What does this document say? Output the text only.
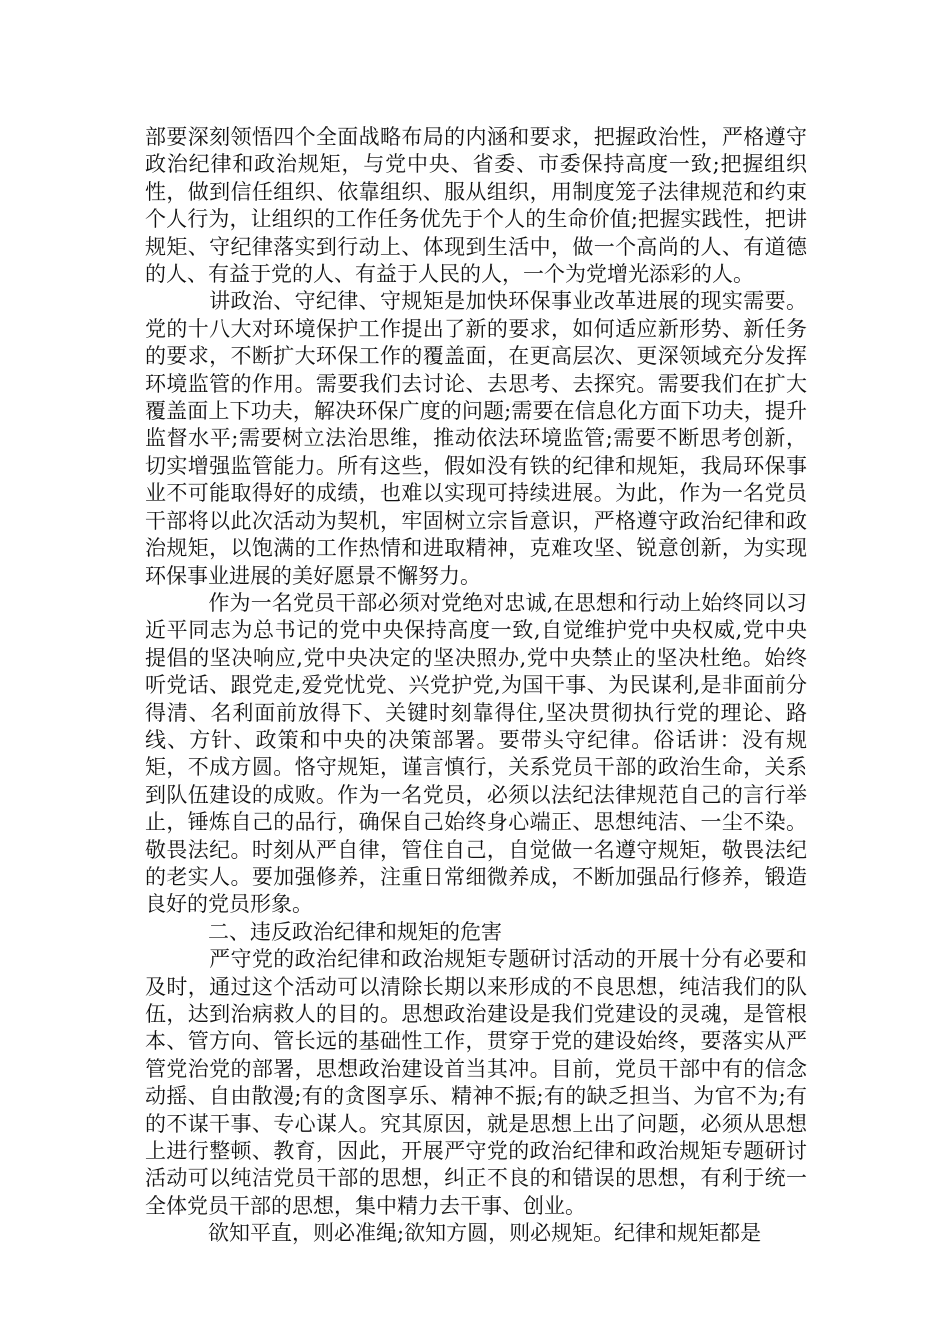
部要深刻领悟四个全面战略布局的内涵和要求，把握政治性，严格遵守政治纪律和政治规矩，与党中央、省委、市委保持高度一致;把握组织性，做到信任组织、依靠组织、服从组织，用制度笼子法律规范和约束个人行为，让组织的工作任务优先于个人的生命价值;把握实践性，把讲规矩、守纪律落实到行动上、体现到生活中，做一个高尚的人、有道德的人、有益于党的人、有益于人民的人，一个为党增光添彩的人。

　　　讲政治、守纪律、守规矩是加快环保事业改革进展的现实需要。党的十八大对环境保护工作提出了新的要求，如何适应新形势、新任务的要求，不断扩大环保工作的覆盖面，在更高层次、更深领域充分发挥环境监管的作用。需要我们去讨论、去思考、去探究。需要我们在扩大覆盖面上下功夫，解决环保广度的问题;需要在信息化方面下功夫，提升监督水平;需要树立法治思维，推动依法环境监管;需要不断思考创新，切实增强监管能力。所有这些，假如没有铁的纪律和规矩，我局环保事业不可能取得好的成绩，也难以实现可持续进展。为此，作为一名党员干部将以此次活动为契机，牢固树立宗旨意识，严格遵守政治纪律和政治规矩，以饱满的工作热情和进取精神，克难攻坚、锐意创新，为实现环保事业进展的美好愿景不懈努力。

　　　作为一名党员干部必须对党绝对忠诚,在思想和行动上始终同以习近平同志为总书记的党中央保持高度一致,自觉维护党中央权威,党中央提倡的坚决响应,党中央决定的坚决照办,党中央禁止的坚决杜绝。始终听党话、跟党走,爱党忧党、兴党护党,为国干事、为民谋利,是非面前分得清、名利面前放得下、关键时刻靠得住,坚决贯彻执行党的理论、路线、方针、政策和中央的决策部署。要带头守纪律。俗话讲：没有规矩，不成方圆。恪守规矩，谨言慎行，关系党员干部的政治生命，关系到队伍建设的成败。作为一名党员，必须以法纪法律规范自己的言行举止，锤炼自己的品行，确保自己始终身心端正、思想纯洁、一尘不染。敬畏法纪。时刻从严自律，管住自己，自觉做一名遵守规矩，敬畏法纪的老实人。要加强修养，注重日常细微养成，不断加强品行修养，锻造良好的党员形象。

　　　二、违反政治纪律和规矩的危害

　　　严守党的政治纪律和政治规矩专题研讨活动的开展十分有必要和及时，通过这个活动可以清除长期以来形成的不良思想，纯洁我们的队伍，达到治病救人的目的。思想政治建设是我们党建设的灵魂，是管根本、管方向、管长远的基础性工作，贯穿于党的建设始终，要落实从严管党治党的部署，思想政治建设首当其冲。目前，党员干部中有的信念动摇、自由散漫;有的贪图享乐、精神不振;有的缺乏担当、为官不为;有的不谋干事、专心谋人。究其原因，就是思想上出了问题，必须从思想上进行整顿、教育，因此，开展严守党的政治纪律和政治规矩专题研讨活动可以纯洁党员干部的思想，纠正不良的和错误的思想，有利于统一全体党员干部的思想，集中精力去干事、创业。

　　　欲知平直，则必准绳;欲知方圆，则必规矩。纪律和规矩都是
